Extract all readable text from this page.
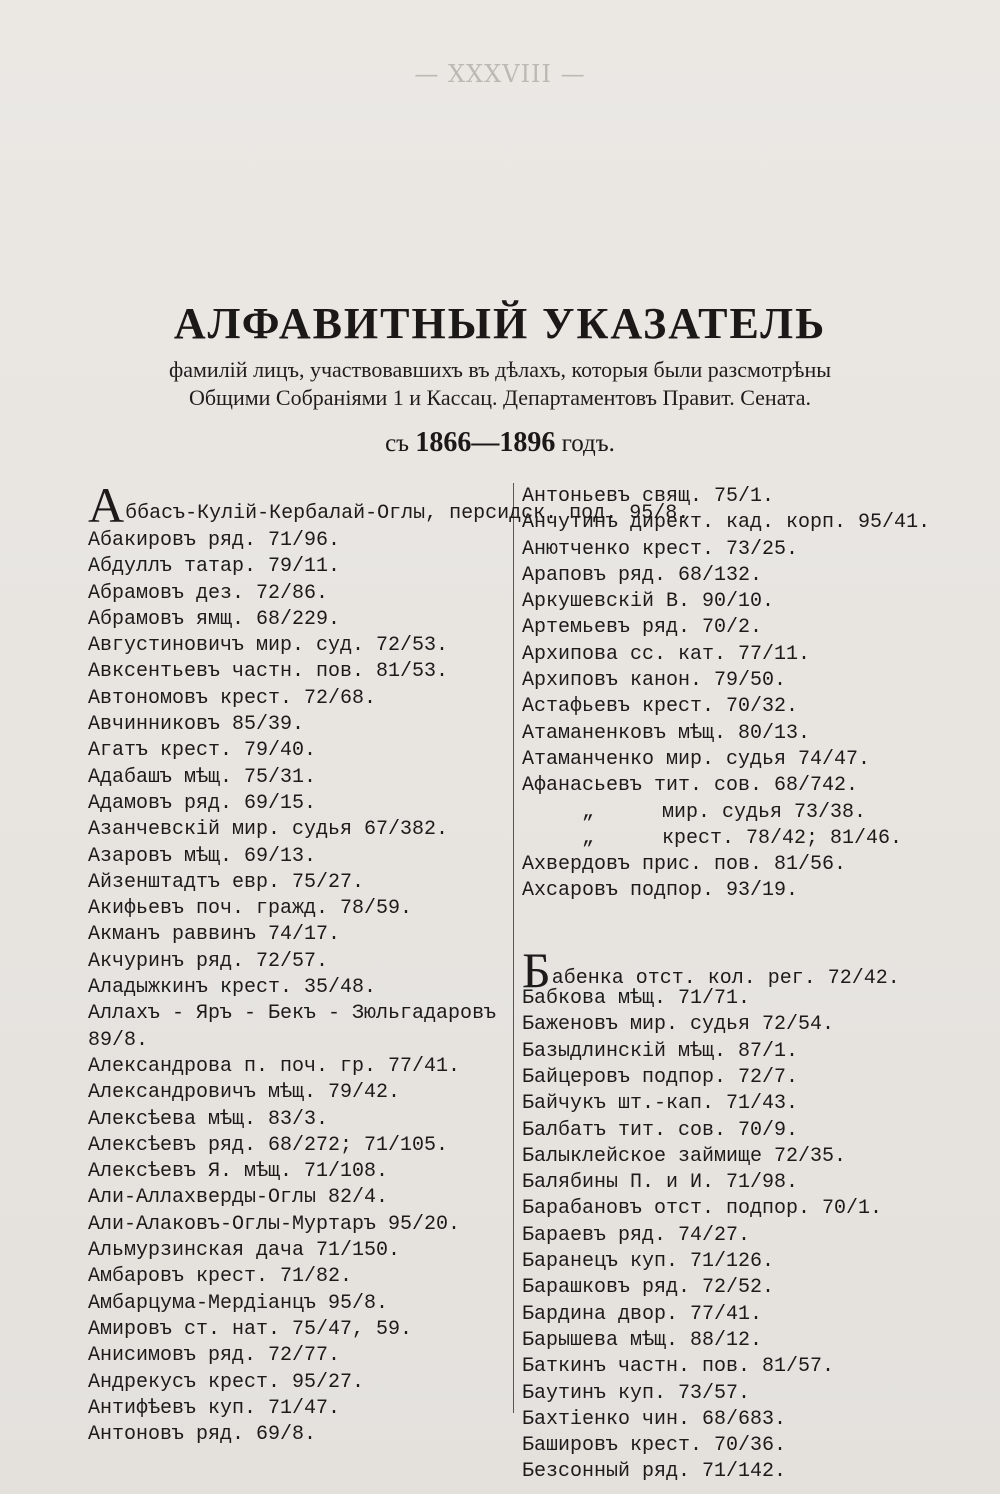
— XXXVIII —
АЛФАВИТНЫЙ УКАЗАТЕЛЬ
фамилій лицъ, участвовавшихъ въ дѣлахъ, которыя были разсмотрѣны
Общими Собраніями 1 и Кассац. Департаментовъ Правит. Сената.
съ 1866—1896 годъ.
Аббасъ-Кулій-Кербалай-Оглы, персидск. под. 95/8.
Абакировъ ряд. 71/96.
Абдуллъ татар. 79/11.
Абрамовъ дез. 72/86.
Абрамовъ ямщ. 68/229.
Августиновичъ мир. суд. 72/53.
Авксентьевъ частн. пов. 81/53.
Автономовъ крест. 72/68.
Авчинниковъ 85/39.
Агатъ крест. 79/40.
Адабашъ мѣщ. 75/31.
Адамовъ ряд. 69/15.
Азанчевскій мир. судья 67/382.
Азаровъ мѣщ. 69/13.
Айзенштадтъ евр. 75/27.
Акифьевъ поч. гражд. 78/59.
Акманъ раввинъ 74/17.
Акчуринъ ряд. 72/57.
Аладыжкинъ крест. 35/48.
Аллахъ - Яръ - Бекъ - Зюльгадаровъ 89/8.
Александрова п. поч. гр. 77/41.
Александровичъ мѣщ. 79/42.
Алексѣева мѣщ. 83/3.
Алексѣевъ ряд. 68/272; 71/105.
Алексѣевъ Я. мѣщ. 71/108.
Али-Аллахверды-Оглы 82/4.
Али-Алаковъ-Оглы-Муртаръ 95/20.
Альмурзинская дача 71/150.
Амбаровъ крест. 71/82.
Амбарцума-Мердіанцъ 95/8.
Амировъ ст. нат. 75/47, 59.
Анисимовъ ряд. 72/77.
Андрекусъ крест. 95/27.
Антифѣевъ куп. 71/47.
Антоновъ ряд. 69/8.
Антоньевъ свящ. 75/1.
Анчутинъ директ. кад. корп. 95/41.
Анютченко крест. 73/25.
Араповъ ряд. 68/132.
Аркушевскій В. 90/10.
Артемьевъ ряд. 70/2.
Архипова сс. кат. 77/11.
Архиповъ канон. 79/50.
Астафьевъ крест. 70/32.
Атаманенковъ мѣщ. 80/13.
Атаманченко мир. судья 74/47.
Афанасьевъ тит. сов. 68/742.
„	мир. судья 73/38.
„	крест. 78/42; 81/46.
Ахвердовъ прис. пов. 81/56.
Ахсаровъ подпор. 93/19.
Бабенка отст. кол. рег. 72/42.
Бабкова мѣщ. 71/71.
Баженовъ мир. судья 72/54.
Базыдлинскій мѣщ. 87/1.
Байцеровъ подпор. 72/7.
Байчукъ шт.-кап. 71/43.
Балбатъ тит. сов. 70/9.
Балыклейское займище 72/35.
Балябины П. и И. 71/98.
Барабановъ отст. подпор. 70/1.
Бараевъ ряд. 74/27.
Баранецъ куп. 71/126.
Барашковъ ряд. 72/52.
Бардина двор. 77/41.
Барышева мѣщ. 88/12.
Баткинъ частн. пов. 81/57.
Баутинъ куп. 73/57.
Бахтіенко чин. 68/683.
Башировъ крест. 70/36.
Безсонный ряд. 71/142.
